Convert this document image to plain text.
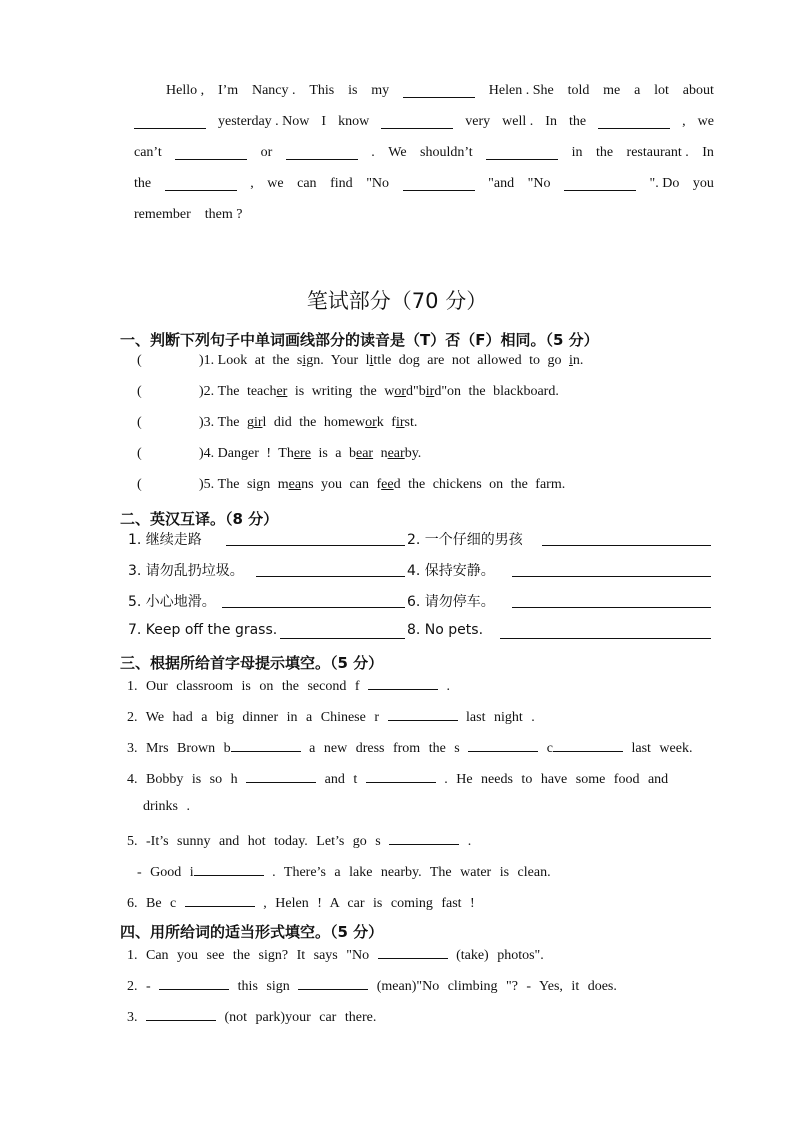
Hello , I’m Nancy . This is my	Helen . She told me a lot about
yesterday . Now I know	very well . In the	, we
can’t	or	. We shouldn’t	in the restaurant . In
the	, we can find "No	"and "No	". Do you
remember them ?
笔试部分（70 分）
一、判断下列句子中单词画线部分的读音是（T）否（F）相同。（5 分）
(	)1. Look at the sign. Your little dog are not allowed to go in.
(	)2. The teacher is writing the word"bird"on the blackboard.
(	)3. The girl did the homework first.
(	)4. Danger ! There is a bear nearby.
(	)5. The sign means you can feed the chickens on the farm.
二、英汉互译。（8 分）
1. 继续走路	2. 一个仔细的男孩
3. 请勿乱扔垃圾。	4. 保持安静。
5. 小心地滑。	6. 请勿停车。
7. Keep off the grass.	8. No pets.
三、根据所给首字母提示填空。（5 分）
1. Our classroom is on the second f	.
2. We had a big dinner in a Chinese r	last night .
3. Mrs Brown b	a new dress from the s	c	last week.
4. Bobby is so h	and t	. He needs to have some food and
drinks .
5. -It’s sunny and hot today. Let’s go s	.
- Good i	. There’s a lake nearby. The water is clean.
6. Be c	, Helen ! A car is coming fast !
四、用所给词的适当形式填空。（5 分）
1. Can you see the sign? It says "No	(take) photos".
2. -	this sign	(mean)"No climbing "? - Yes, it does.
3.	(not park)your car there.
